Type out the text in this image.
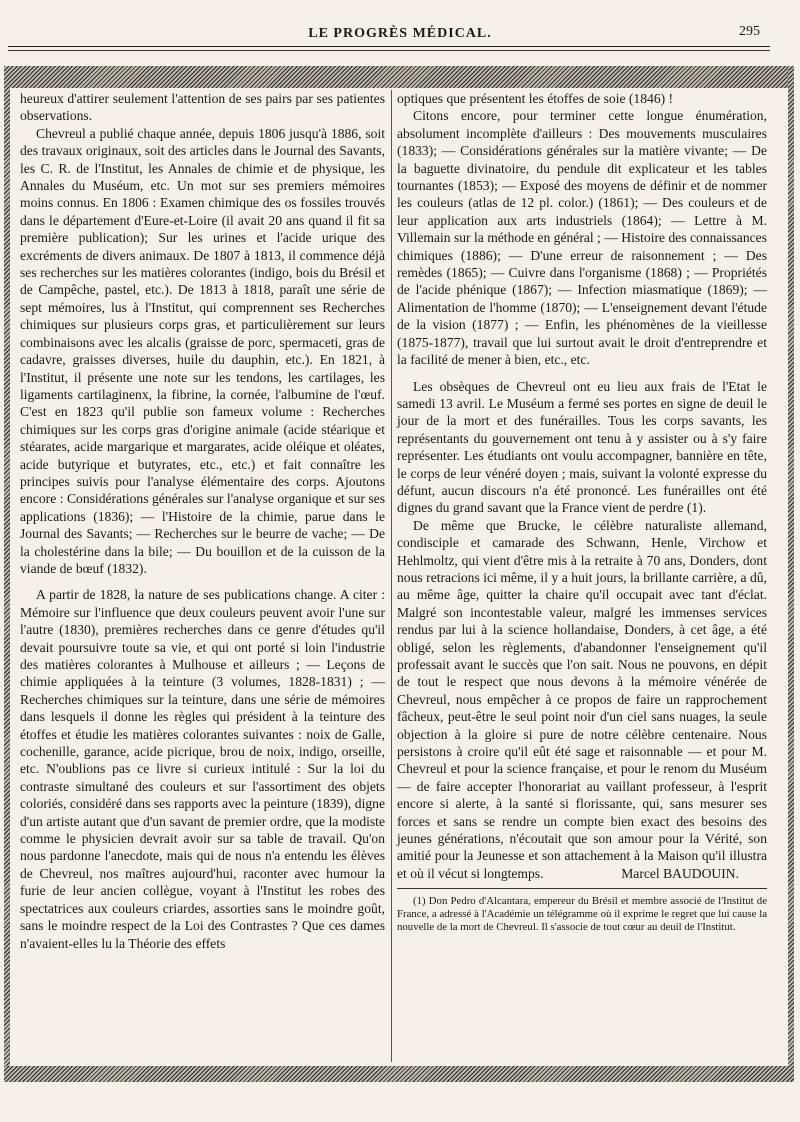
LE PROGRÈS MÉDICAL.	295

heureux d'attirer seulement l'attention de ses pairs par ses patientes observations.

Chevreul a publié chaque année, depuis 1806 jusqu'à 1886, soit des travaux originaux, soit des articles dans le Journal des Savants, les C. R. de l'Institut, les Annales de chimie et de physique, les Annales du Muséum, etc. Un mot sur ses premiers mémoires moins connus. En 1806 : Examen chimique des os fossiles trouvés dans le département d'Eure-et-Loire (il avait 20 ans quand il fit sa première publication); Sur les urines et l'acide urique des excréments de divers animaux. De 1807 à 1813, il commence déjà ses recherches sur les matières colorantes (indigo, bois du Brésil et de Campêche, pastel, etc.). De 1813 à 1818, paraît une série de sept mémoires, lus à l'Institut, qui comprennent ses Recherches chimiques sur plusieurs corps gras, et particulièrement sur leurs combinaisons avec les alcalis (graisse de porc, spermaceti, gras de cadavre, graisses diverses, huile du dauphin, etc.). En 1821, à l'Institut, il présente une note sur les tendons, les cartilages, les ligaments cartilaginenx, la fibrine, la cornée, l'albumine de l'œuf. C'est en 1823 qu'il publie son fameux volume : Recherches chimiques sur les corps gras d'origine animale (acide stéarique et stéarates, acide margarique et margarates, acide oléique et oléates, acide butyrique et butyrates, etc., etc.) et fait connaître les principes suivis pour l'analyse élémentaire des corps. Ajoutons encore : Considérations générales sur l'analyse organique et sur ses applications (1836); — l'Histoire de la chimie, parue dans le Journal des Savants; — Recherches sur le beurre de vache; — De la cholestérine dans la bile; — Du bouillon et de la cuisson de la viande de bœuf (1832).

A partir de 1828, la nature de ses publications change. A citer : Mémoire sur l'influence que deux couleurs peuvent avoir l'une sur l'autre (1830), premières recherches dans ce genre d'études qu'il devait poursuivre toute sa vie, et qui ont porté si loin l'industrie des matières colorantes à Mulhouse et ailleurs ; — Leçons de chimie appliquées à la teinture (3 volumes, 1828-1831) ; — Recherches chimiques sur la teinture, dans une série de mémoires dans lesquels il donne les règles qui président à la teinture des étoffes et étudie les matières colorantes suivantes : noix de Galle, cochenille, garance, acide picrique, brou de noix, indigo, orseille, etc. N'oublions pas ce livre si curieux intitulé : Sur la loi du contraste simultané des couleurs et sur l'assortiment des objets coloriés, considéré dans ses rapports avec la peinture (1839), digne d'un artiste autant que d'un savant de premier ordre, que la modiste comme le physicien devrait avoir sur sa table de travail. Qu'on nous pardonne l'anecdote, mais qui de nous n'a entendu les élèves de Chevreul, nos maîtres aujourd'hui, raconter avec humour la furie de leur ancien collègue, voyant à l'Institut les robes des spectatrices aux couleurs criardes, assorties sans le moindre goût, sans le moindre respect de la Loi des Contrastes ? Que ces dames n'avaient-elles lu la Théorie des effets

optiques que présentent les étoffes de soie (1846) !

Citons encore, pour terminer cette longue énumération, absolument incomplète d'ailleurs : Des mouvements musculaires (1833); — Considérations générales sur la matière vivante; — De la baguette divinatoire, du pendule dit explicateur et les tables tournantes (1853); — Exposé des moyens de définir et de nommer les couleurs (atlas de 12 pl. color.) (1861); — Des couleurs et de leur application aux arts industriels (1864); — Lettre à M. Villemain sur la méthode en général ; — Histoire des connaissances chimiques (1886); — D'une erreur de raisonnement ; — Des remèdes (1865); — Cuivre dans l'organisme (1868) ; — Propriétés de l'acide phénique (1867); — Infection miasmatique (1869); — Alimentation de l'homme (1870); — L'enseignement devant l'étude de la vision (1877) ; — Enfin, les phénomènes de la vieillesse (1875-1877), travail que lui surtout avait le droit d'entreprendre et la facilité de mener à bien, etc., etc.

Les obsèques de Chevreul ont eu lieu aux frais de l'Etat le samedi 13 avril. Le Muséum a fermé ses portes en signe de deuil le jour de la mort et des funérailles. Tous les corps savants, les représentants du gouvernement ont tenu à y assister ou à s'y faire représenter. Les étudiants ont voulu accompagner, bannière en tête, le corps de leur vénéré doyen ; mais, suivant la volonté expresse du défunt, aucun discours n'a été prononcé. Les funérailles ont été dignes du grand savant que la France vient de perdre (1).

De même que Brucke, le célèbre naturaliste allemand, condisciple et camarade des Schwann, Henle, Virchow et Hehlmoltz, qui vient d'être mis à la retraite à 70 ans, Donders, dont nous retracions ici même, il y a huit jours, la brillante carrière, a dû, au même âge, quitter la chaire qu'il occupait avec tant d'éclat. Malgré son incontestable valeur, malgré les immenses services rendus par lui à la science hollandaise, Donders, à cet âge, a été obligé, selon les règlements, d'abandonner l'enseignement qu'il professait avant le succès que l'on sait. Nous ne pouvons, en dépit de tout le respect que nous devons à la mémoire vénérée de Chevreul, nous empêcher à ce propos de faire un rapprochement fâcheux, peut-être le seul point noir d'un ciel sans nuages, la seule objection à la gloire si pure de notre célèbre centenaire. Nous persistons à croire qu'il eût été sage et raisonnable — et pour M. Chevreul et pour la science française, et pour le renom du Muséum — de faire accepter l'honorariat au vaillant professeur, à l'esprit encore si alerte, à la santé si florissante, qui, sans mesurer ses forces et sans se rendre un compte bien exact des besoins des jeunes générations, n'écoutait que son amour pour la Vérité, son amitié pour la Jeunesse et son attachement à la Maison qu'il illustra et où il vécut si longtemps.	Marcel BAUDOUIN.

(1) Don Pedro d'Alcantara, empereur du Brésil et membre associé de l'Institut de France, a adressé à l'Académie un télégramme où il exprime le regret que lui cause la nouvelle de la mort de Chevreul. Il s'associe de tout cœur au deuil de l'Institut.
